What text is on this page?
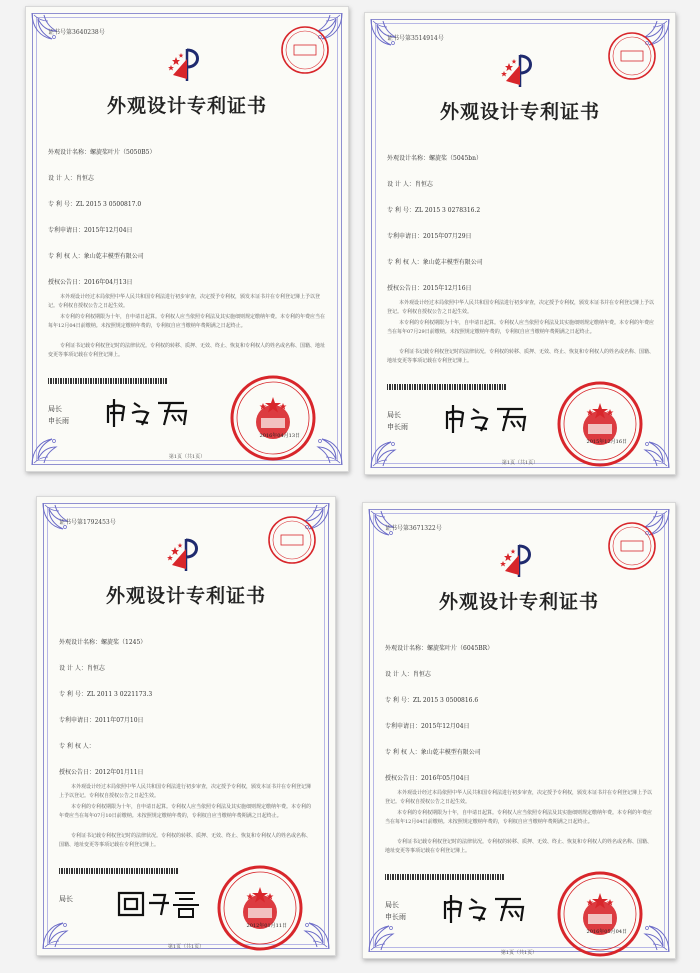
证书号第3640238号
外观设计专利证书
外观设计名称：螺旋桨叶片（5050B5）
设 计 人：肖恒志
专 利 号：ZL 2015 3 0500817.0
专利申请日：2015年12月04日
专 利 权 人：象山乾丰模型有限公司
授权公告日：2016年04月13日
本外观设计经过本局依照中华人民共和国专利法进行初步审查，决定授予专利权，颁发本证书并在专利登记簿上予以登记。专利权自授权公告之日起生效。
本专利的专利权期限为十年，自申请日起算。专利权人应当依照专利法及其实施细则规定缴纳年费。本专利的年费应当在每年12月04日前缴纳。未按照规定缴纳年费的，专利权自应当缴纳年费期满之日起终止。
专利证书记载专利权登记时的法律状况。专利权的转移、质押、无效、终止、恢复和专利权人的姓名或名称、国籍、地址变更等事项记载在专利登记簿上。
局长
申长雨
2016年04月13日
第1页（共1页）
证书号第3514914号
外观设计专利证书
外观设计名称：螺旋桨（5045bn）
设 计 人：肖恒志
专 利 号：ZL 2015 3 0278316.2
专利申请日：2015年07月29日
专 利 权 人：象山乾丰模型有限公司
授权公告日：2015年12月16日
本外观设计经过本局依照中华人民共和国专利法进行初步审查，决定授予专利权，颁发本证书并在专利登记簿上予以登记。专利权自授权公告之日起生效。
本专利的专利权期限为十年，自申请日起算。专利权人应当依照专利法及其实施细则规定缴纳年费。本专利的年费应当在每年07月29日前缴纳。未按照规定缴纳年费的，专利权自应当缴纳年费期满之日起终止。
专利证书记载专利权登记时的法律状况。专利权的转移、质押、无效、终止、恢复和专利权人的姓名或名称、国籍、地址变更等事项记载在专利登记簿上。
局长
申长雨
2015年12月16日
第1页（共1页）
证书号第1792453号
外观设计专利证书
外观设计名称：螺旋桨（1245）
设 计 人：肖恒志
专 利 号：ZL 2011 3 0221173.3
专利申请日：2011年07月10日
专 利 权 人：
授权公告日：2012年01月11日
本外观设计经过本局依照中华人民共和国专利法进行初步审查，决定授予专利权，颁发本证书并在专利登记簿上予以登记。专利权自授权公告之日起生效。
本专利的专利权期限为十年，自申请日起算。专利权人应当依照专利法及其实施细则规定缴纳年费。本专利的年费应当在每年07月10日前缴纳。未按照规定缴纳年费的，专利权自应当缴纳年费期满之日起终止。
专利证书记载专利权登记时的法律状况。专利权的转移、质押、无效、终止、恢复和专利权人的姓名或名称、国籍、地址变更等事项记载在专利登记簿上。
局长
2012年01月11日
第1页（共1页）
证书号第3671322号
外观设计专利证书
外观设计名称：螺旋桨叶片（6045BR）
设 计 人：肖恒志
专 利 号：ZL 2015 3 0500816.6
专利申请日：2015年12月04日
专 利 权 人：象山乾丰模型有限公司
授权公告日：2016年05月04日
本外观设计经过本局依照中华人民共和国专利法进行初步审查，决定授予专利权，颁发本证书并在专利登记簿上予以登记。专利权自授权公告之日起生效。
本专利的专利权期限为十年，自申请日起算。专利权人应当依照专利法及其实施细则规定缴纳年费。本专利的年费应当在每年12月04日前缴纳。未按照规定缴纳年费的，专利权自应当缴纳年费期满之日起终止。
专利证书记载专利权登记时的法律状况。专利权的转移、质押、无效、终止、恢复和专利权人的姓名或名称、国籍、地址变更等事项记载在专利登记簿上。
局长
申长雨
2016年05月04日
第1页（共1页）
